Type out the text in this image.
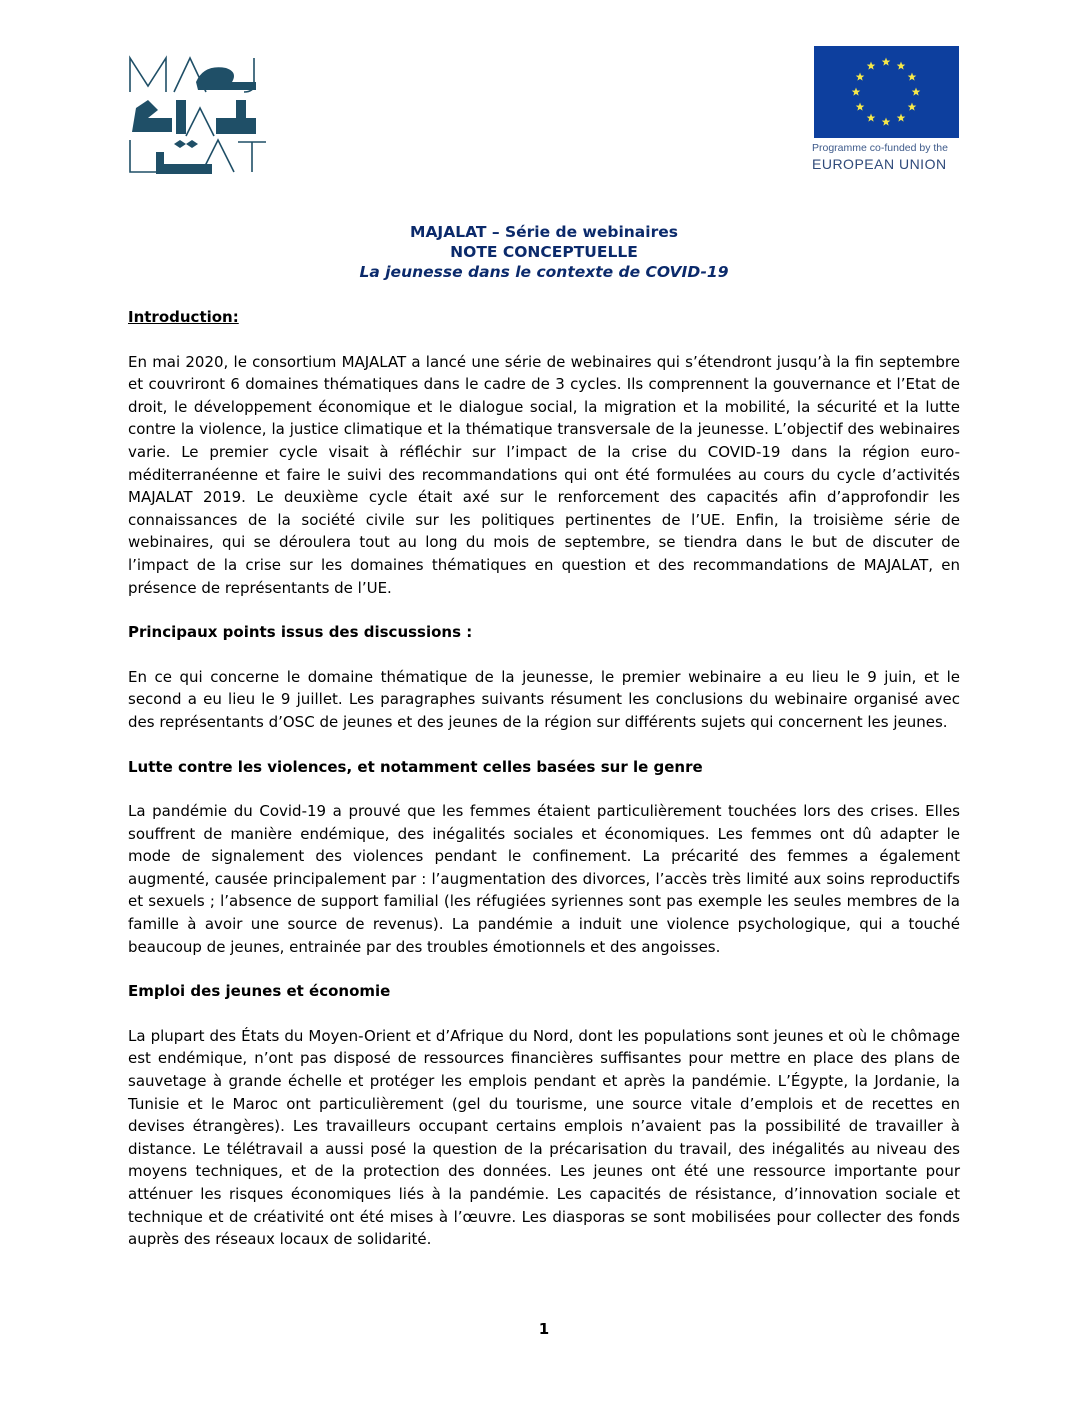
Programme co-funded by the
EUROPEAN UNION
MAJALAT – Série de webinaires
NOTE CONCEPTUELLE
La jeunesse dans le contexte de COVID-19
Introduction:

En mai 2020, le consortium MAJALAT a lancé une série de webinaires qui s’étendront jusqu’à la fin septembre et couvriront 6 domaines thématiques dans le cadre de 3 cycles. Ils comprennent la gouvernance et l’Etat de droit, le développement économique et le dialogue social, la migration et la mobilité, la sécurité et la lutte contre la violence, la justice climatique et la thématique transversale de la jeunesse. L’objectif des webinaires varie. Le premier cycle visait à réfléchir sur l’impact de la crise du COVID-19 dans la région euro-méditerranéenne et faire le suivi des recommandations qui ont été formulées au cours du cycle d’activités MAJALAT 2019. Le deuxième cycle était axé sur le renforcement des capacités afin d’approfondir les connaissances de la société civile sur les politiques pertinentes de l’UE. Enfin, la troisième série de webinaires, qui se déroulera tout au long du mois de septembre, se tiendra dans le but de discuter de l’impact de la crise sur les domaines thématiques en question et des recommandations de MAJALAT, en présence de représentants de l’UE.

Principaux points issus des discussions :

En ce qui concerne le domaine thématique de la jeunesse, le premier webinaire a eu lieu le 9 juin, et le second a eu lieu le 9 juillet. Les paragraphes suivants résument les conclusions du webinaire organisé avec des représentants d’OSC de jeunes et des jeunes de la région sur différents sujets qui concernent les jeunes.

Lutte contre les violences, et notamment celles basées sur le genre

La pandémie du Covid-19 a prouvé que les femmes étaient particulièrement touchées lors des crises. Elles souffrent de manière endémique, des inégalités sociales et économiques. Les femmes ont dû adapter le mode de signalement des violences pendant le confinement. La précarité des femmes a également augmenté, causée principalement par : l’augmentation des divorces, l’accès très limité aux soins reproductifs et sexuels ; l’absence de support familial (les réfugiées syriennes sont pas exemple les seules membres de la famille à avoir une source de revenus). La pandémie a induit une violence psychologique, qui a touché beaucoup de jeunes, entrainée par des troubles émotionnels et des angoisses.

Emploi des jeunes et économie

La plupart des États du Moyen-Orient et d’Afrique du Nord, dont les populations sont jeunes et où le chômage est endémique, n’ont pas disposé de ressources financières suffisantes pour mettre en place des plans de sauvetage à grande échelle et protéger les emplois pendant et après la pandémie. L’Égypte, la Jordanie, la Tunisie et le Maroc ont particulièrement (gel du tourisme, une source vitale d’emplois et de recettes en devises étrangères). Les travailleurs occupant certains emplois n’avaient pas la possibilité de travailler à distance. Le télétravail a aussi posé la question de la précarisation du travail, des inégalités au niveau des moyens techniques, et de la protection des données. Les jeunes ont été une ressource importante pour atténuer les risques économiques liés à la pandémie. Les capacités de résistance, d’innovation sociale et technique et de créativité ont été mises à l’œuvre. Les diasporas se sont mobilisées pour collecter des fonds auprès des réseaux locaux de solidarité.

1
